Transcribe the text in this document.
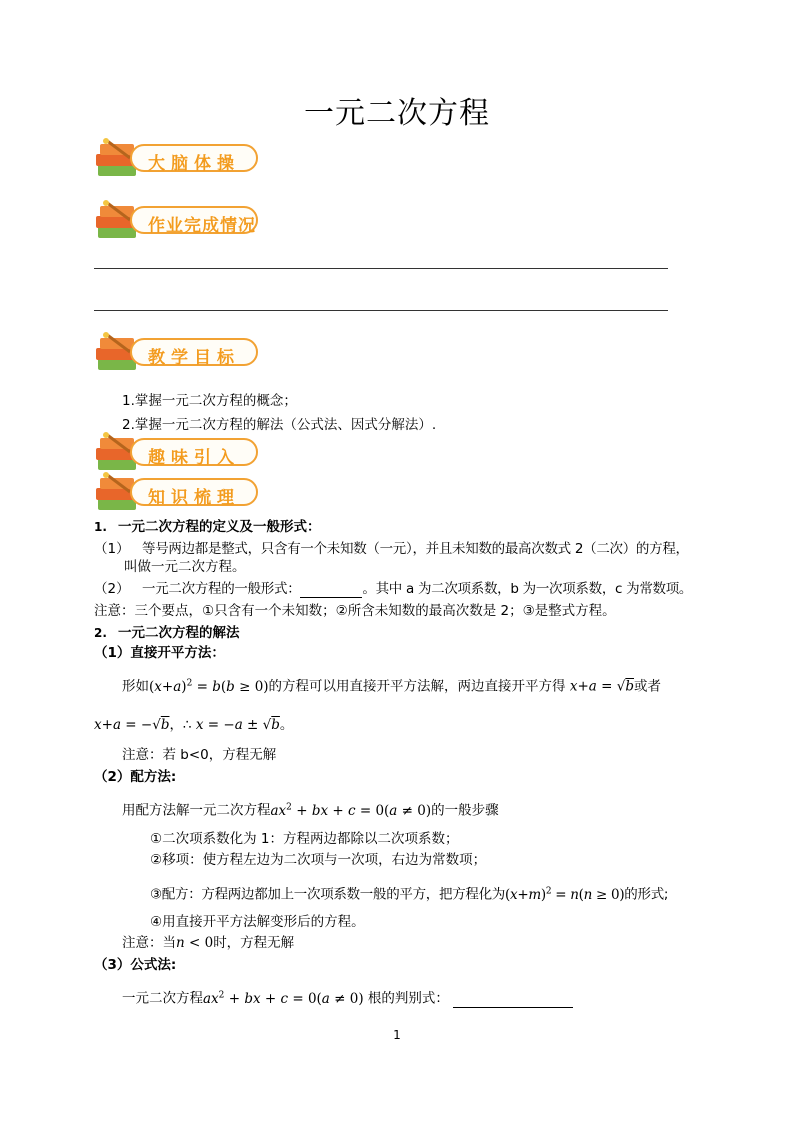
一元二次方程
大脑体操
作业完成情况
教学目标
1.掌握一元二次方程的概念；
2.掌握一元二次方程的解法（公式法、因式分解法）.
趣味引入
知识梳理
1. 一元二次方程的定义及一般形式：
（1） 等号两边都是整式，只含有一个未知数（一元），并且未知数的最高次数式 2（二次）的方程，
叫做一元二次方程。
（2） 一元二次方程的一般形式：	。其中 a 为二次项系数，b 为一次项系数，c 为常数项。
注意：三个要点，①只含有一个未知数；②所含未知数的最高次数是 2；③是整式方程。
2. 一元二次方程的解法
（1）直接开平方法：
形如$(x+a)^2 = b(b \ge 0)$的方程可以用直接开平方法解，两边直接开平方得 x+a = √b或者
x+a = −√b，∴ x = −a ± √b。
注意：若 b<0，方程无解
（2）配方法:
用配方法解一元二次方程$ax^2$ + bx + c = 0(a ≠ 0)的一般步骤
①二次项系数化为 1：方程两边都除以二次项系数；
②移项：使方程左边为二次项与一次项，右边为常数项；
③配方：方程两边都加上一次项系数一般的平方，把方程化为$(x+m)^2 = n(n \ge 0)$的形式;
④用直接开平方法解变形后的方程。
注意：当n < 0时，方程无解
（3）公式法:
一元二次方程$ax^2$ + bx + c = 0(a ≠ 0) 根的判别式：
1
